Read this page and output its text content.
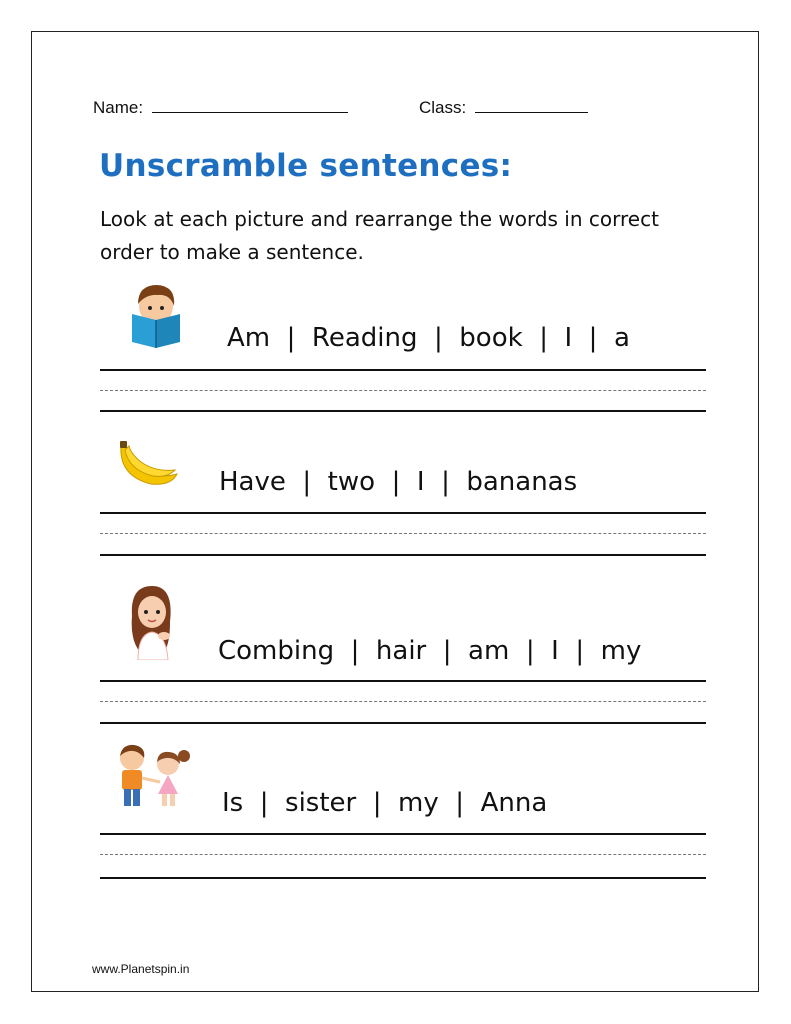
Name:	Class:
Unscramble sentences:
Look at each picture and rearrange the words in correct order to make a sentence.
Am  |  Reading  |  book  |  I  |  a
Have  |  two  |  I  |  bananas
Combing  |  hair  |  am  |  I  |  my
Is  |  sister  |  my  |  Anna
www.Planetspin.in
